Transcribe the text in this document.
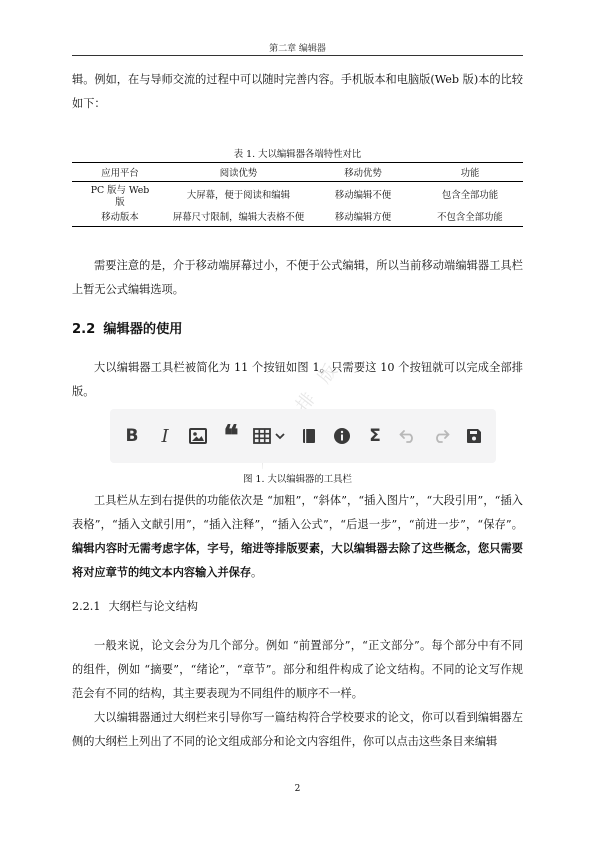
第二章 编辑器

辑。例如，在与导师交流的过程中可以随时完善内容。手机版本和电脑版(Web 版)本的比较如下：

表 1. 大以编辑器各端特性对比
应用平台	阅读优势	移动优势	功能
PC 版与 Web 版	大屏幕，便于阅读和编辑	移动编辑不便	包含全部功能
移动版本	屏幕尺寸限制，编辑大表格不便	移动编辑方便	不包含全部功能

需要注意的是，介于移动端屏幕过小，不便于公式编辑，所以当前移动端编辑器工具栏上暂无公式编辑选项。

2.2 编辑器的使用

大以编辑器工具栏被简化为 11 个按钮如图 1。只需要这 10 个按钮就可以完成全部排版。

B I ❝	Σ
图 1. 大以编辑器的工具栏

工具栏从左到右提供的功能依次是 “加粗”，“斜体”，“插入图片”，“大段引用”，“插入表格”，“插入文献引用”，“插入注释”，“插入公式”，“后退一步”，“前进一步”，“保存”。编辑内容时无需考虑字体，字号，缩进等排版要素，大以编辑器去除了这些概念，您只需要将对应章节的纯文本内容输入并保存。

2.2.1 大纲栏与论文结构

一般来说，论文会分为几个部分。例如 “前置部分”，“正文部分”。每个部分中有不同的组件，例如 “摘要”，“绪论”，“章节”。部分和组件构成了论文结构。不同的论文写作规范会有不同的结构，其主要表现为不同组件的顺序不一样。

大以编辑器通过大纲栏来引导你写一篇结构符合学校要求的论文，你可以看到编辑器左侧的大纲栏上列出了不同的论文组成部分和论文内容组件，你可以点击这些条目来编辑

2
